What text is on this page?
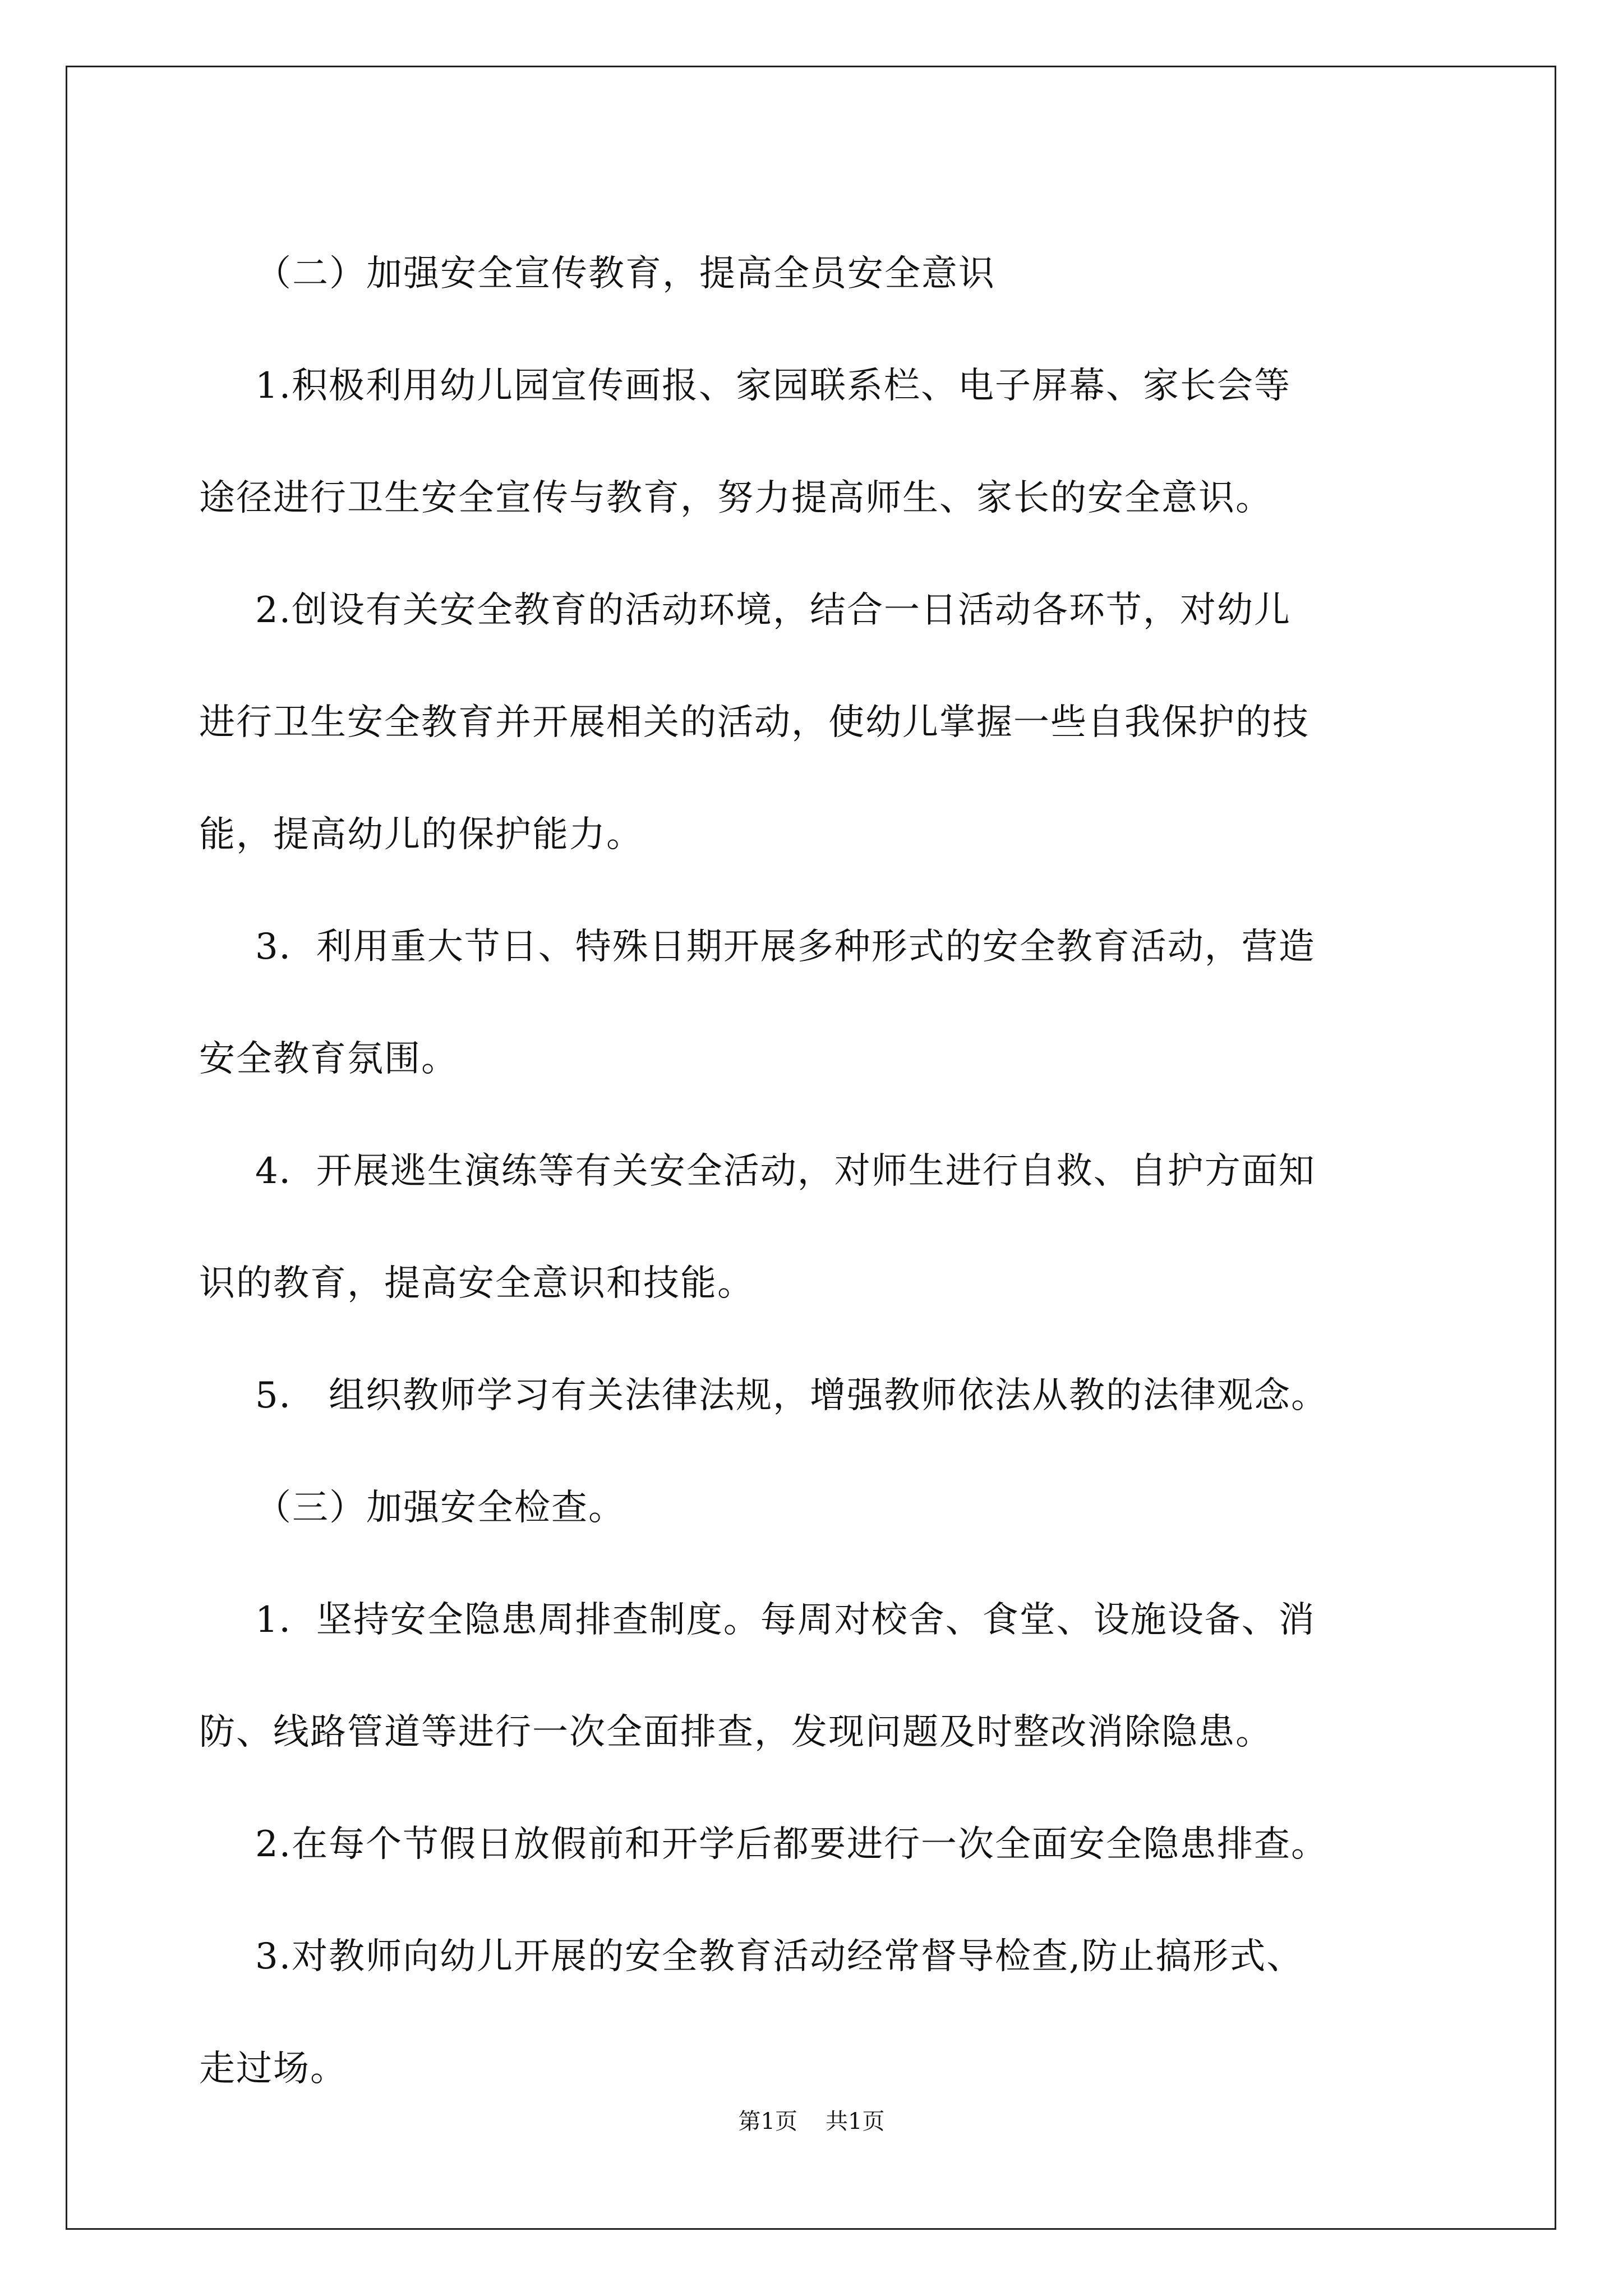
（二）加强安全宣传教育，提高全员安全意识
1.积极利用幼儿园宣传画报、家园联系栏、电子屏幕、家长会等
途径进行卫生安全宣传与教育，努力提高师生、家长的安全意识。
2.创设有关安全教育的活动环境，结合一日活动各环节，对幼儿
进行卫生安全教育并开展相关的活动，使幼儿掌握一些自我保护的技
能，提高幼儿的保护能力。
3．利用重大节日、特殊日期开展多种形式的安全教育活动，营造
安全教育氛围。
4．开展逃生演练等有关安全活动，对师生进行自救、自护方面知
识的教育，提高安全意识和技能。
5． 组织教师学习有关法律法规，增强教师依法从教的法律观念。
（三）加强安全检查。
1．坚持安全隐患周排查制度。每周对校舍、食堂、设施设备、消
防、线路管道等进行一次全面排查，发现问题及时整改消除隐患。
2.在每个节假日放假前和开学后都要进行一次全面安全隐患排查。
3.对教师向幼儿开展的安全教育活动经常督导检查,防止搞形式、
走过场。
第1页 共1页
